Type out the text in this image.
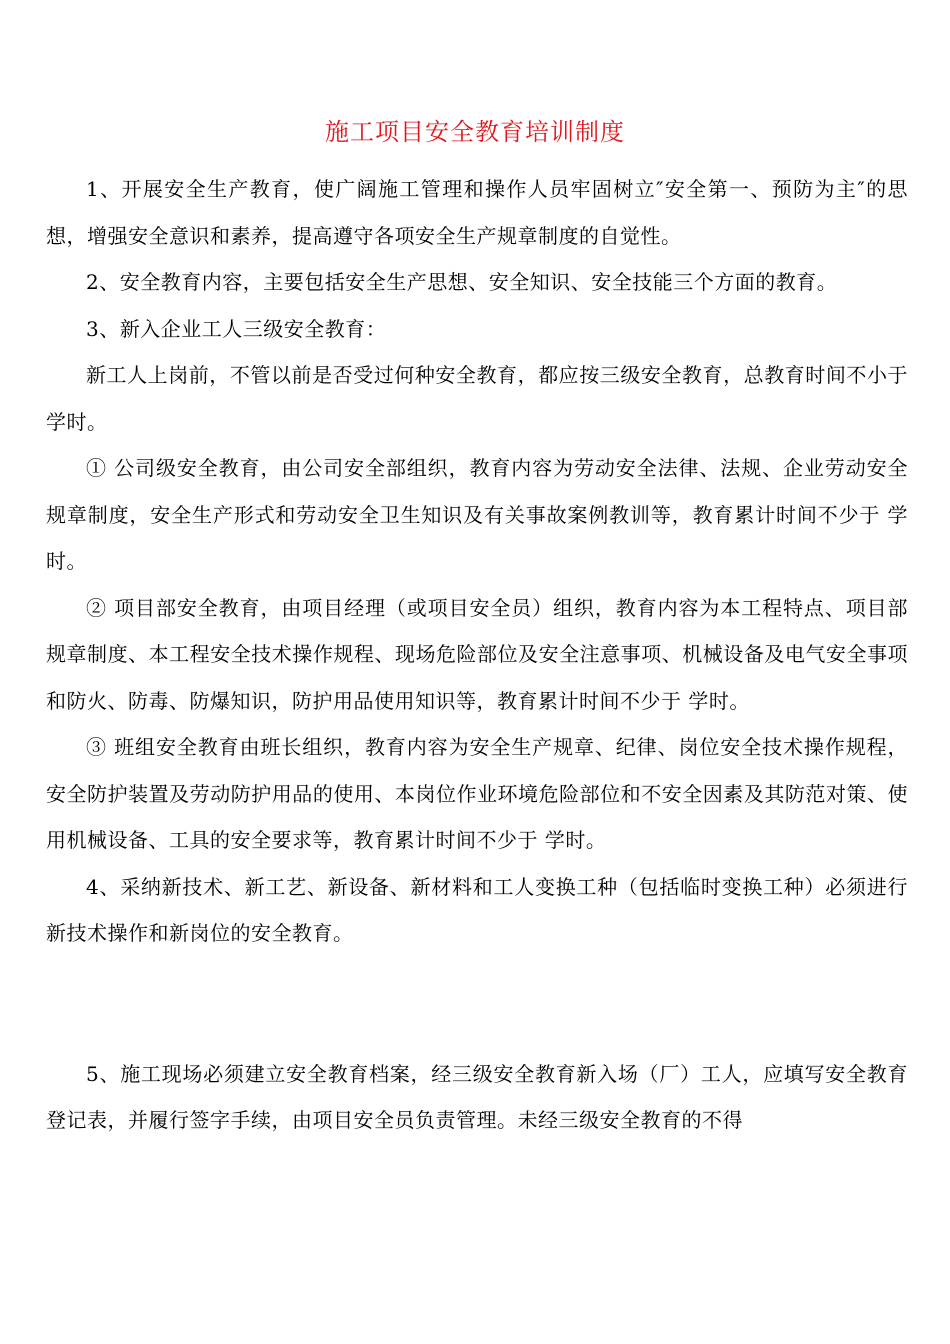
施工项目安全教育培训制度

1、开展安全生产教育，使广阔施工管理和操作人员牢固树立″安全第一、预防为主″的思想，增强安全意识和素养，提高遵守各项安全生产规章制度的自觉性。

2、安全教育内容，主要包括安全生产思想、安全知识、安全技能三个方面的教育。

3、新入企业工人三级安全教育：

新工人上岗前，不管以前是否受过何种安全教育，都应按三级安全教育，总教育时间不小于 学时。

① 公司级安全教育，由公司安全部组织，教育内容为劳动安全法律、法规、企业劳动安全规章制度，安全生产形式和劳动安全卫生知识及有关事故案例教训等，教育累计时间不少于 学时。

② 项目部安全教育，由项目经理（或项目安全员）组织，教育内容为本工程特点、项目部规章制度、本工程安全技术操作规程、现场危险部位及安全注意事项、机械设备及电气安全事项和防火、防毒、防爆知识，防护用品使用知识等，教育累计时间不少于 学时。

③ 班组安全教育由班长组织，教育内容为安全生产规章、纪律、岗位安全技术操作规程，安全防护装置及劳动防护用品的使用、本岗位作业环境危险部位和不安全因素及其防范对策、使用机械设备、工具的安全要求等，教育累计时间不少于 学时。

4、采纳新技术、新工艺、新设备、新材料和工人变换工种（包括临时变换工种）必须进行新技术操作和新岗位的安全教育。

5、施工现场必须建立安全教育档案，经三级安全教育新入场（厂）工人，应填写安全教育登记表，并履行签字手续，由项目安全员负责管理。未经三级安全教育的不得
